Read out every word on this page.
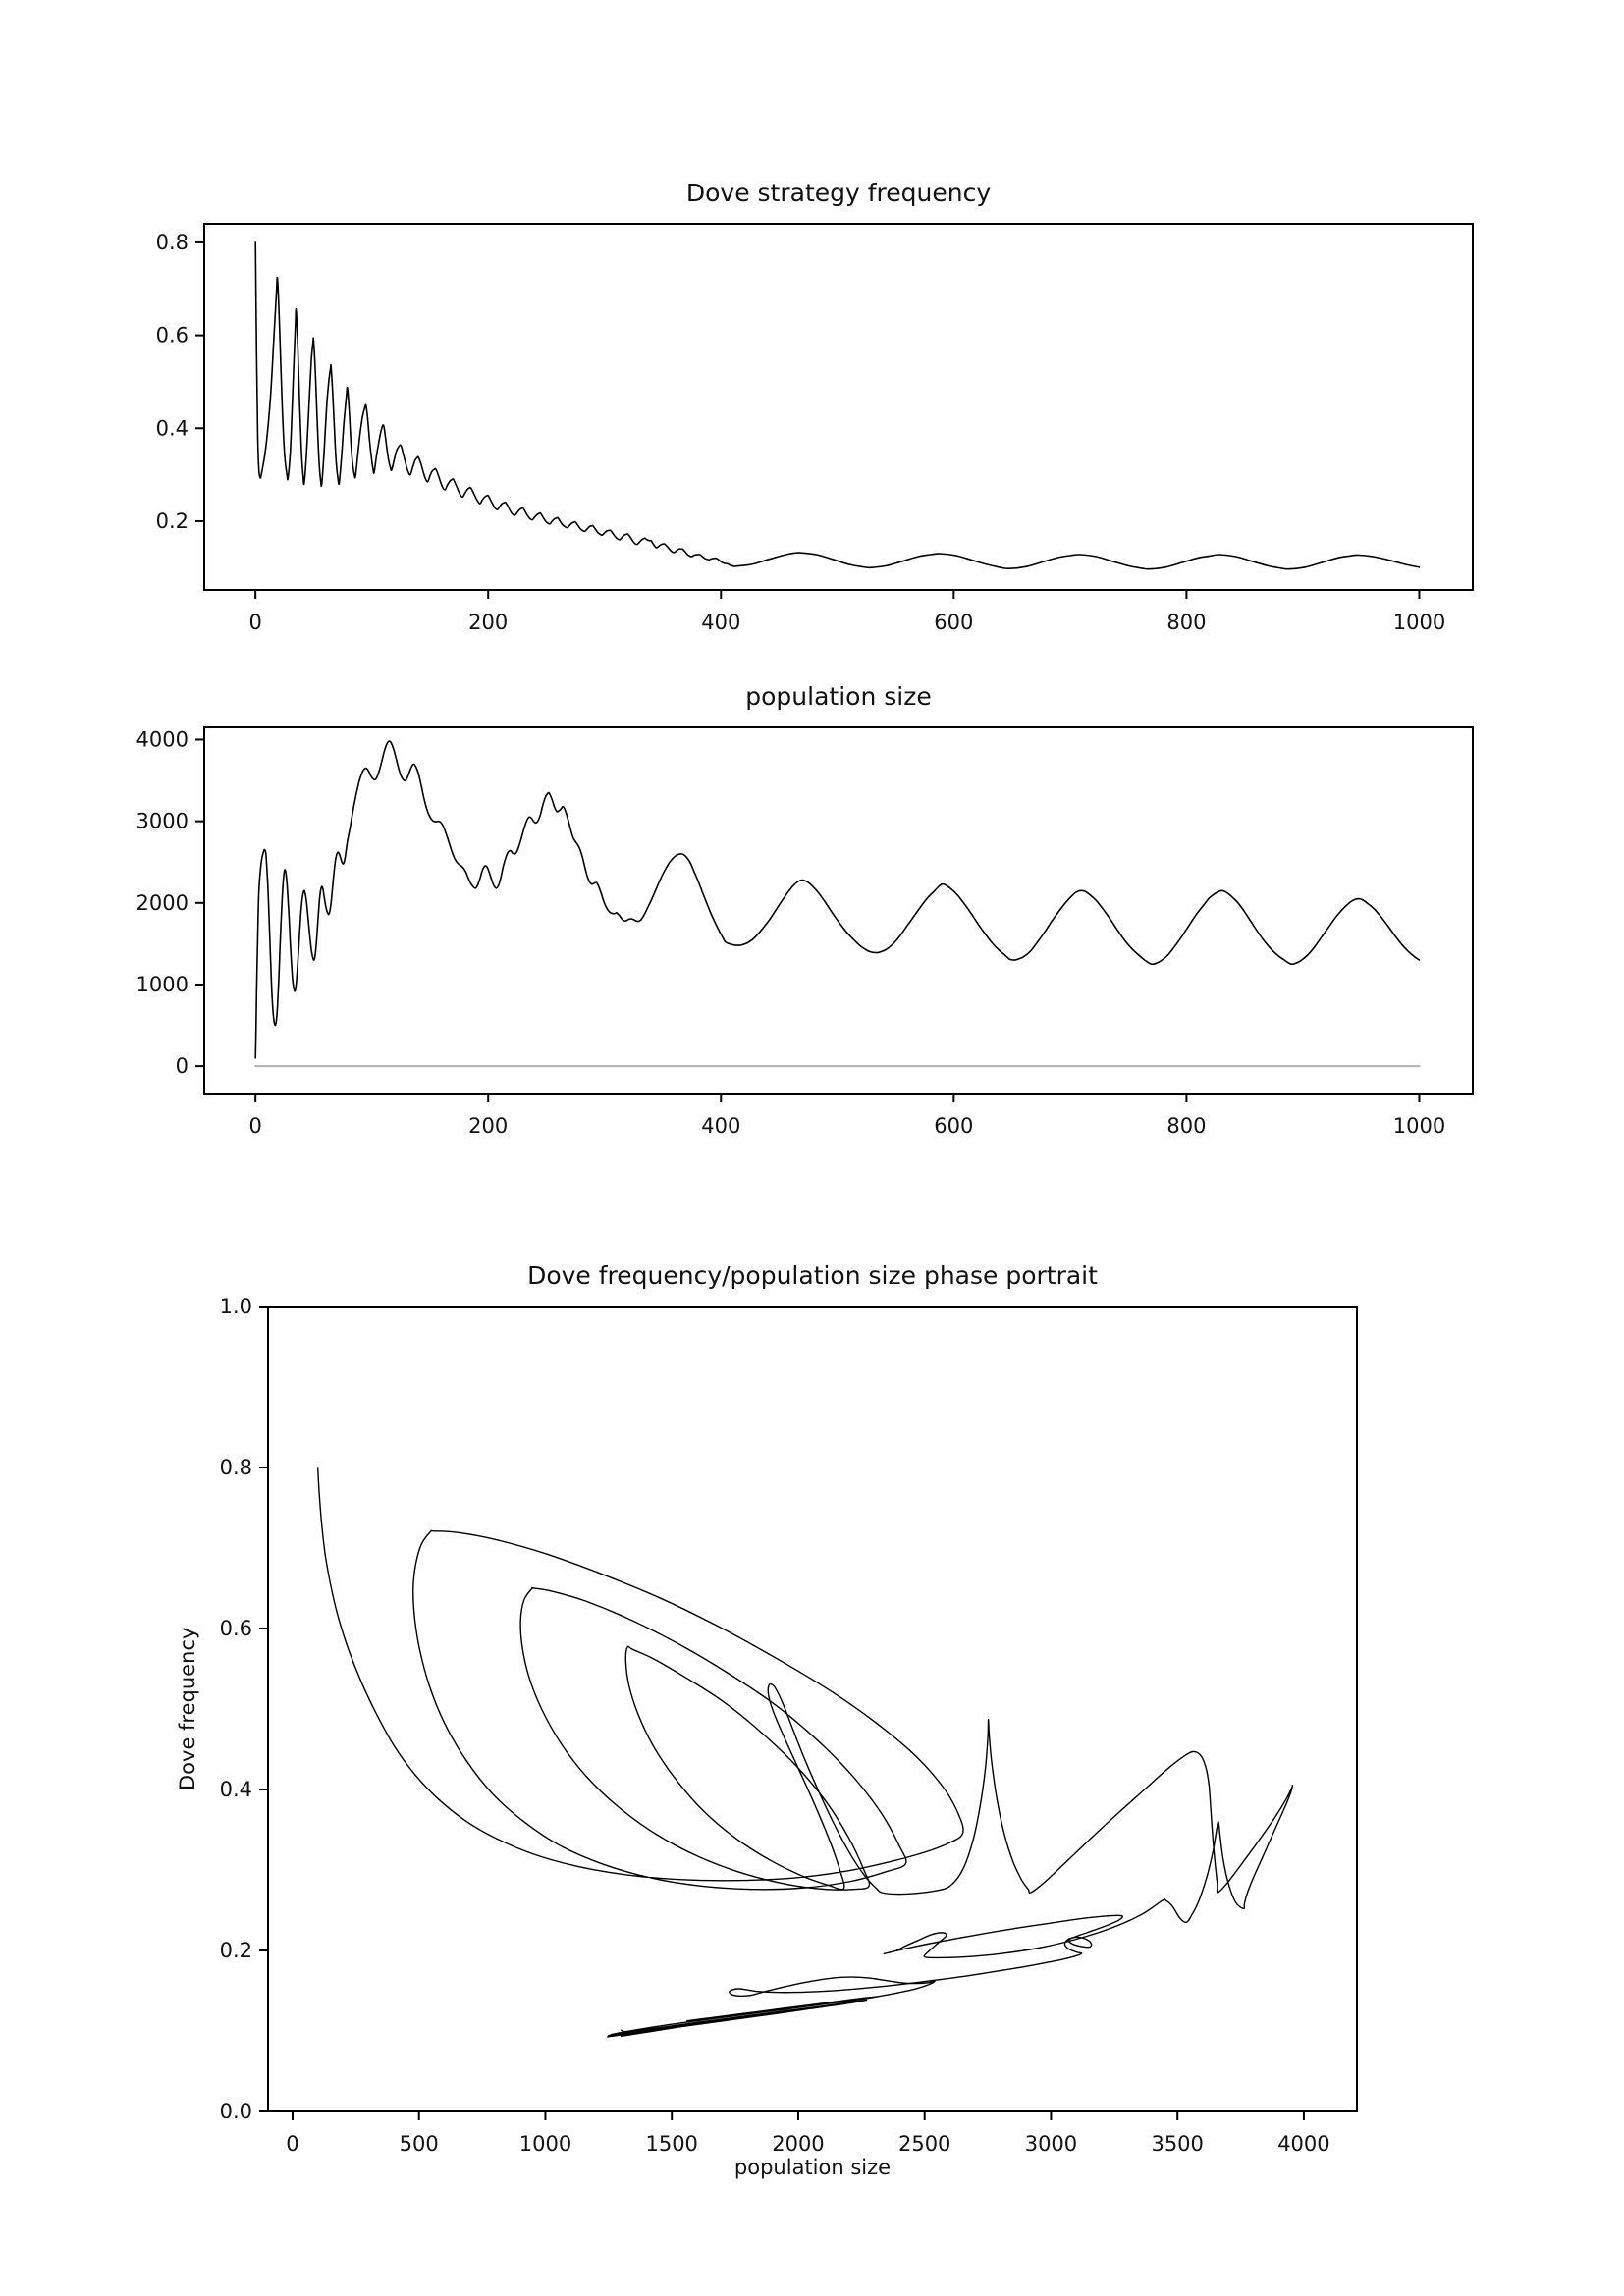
Dove strategy frequency
0	200	400	600	800	1000
0.2
0.4
0.6
0.8
population size
0	200	400	600	800	1000
0
1000
2000
3000
4000
Dove frequency/population size phase portrait
Dove frequency
0	500	1000	1500	2000	2500	3000	3500	4000
0.0
0.2
0.4
0.6
0.8
1.0
population size
